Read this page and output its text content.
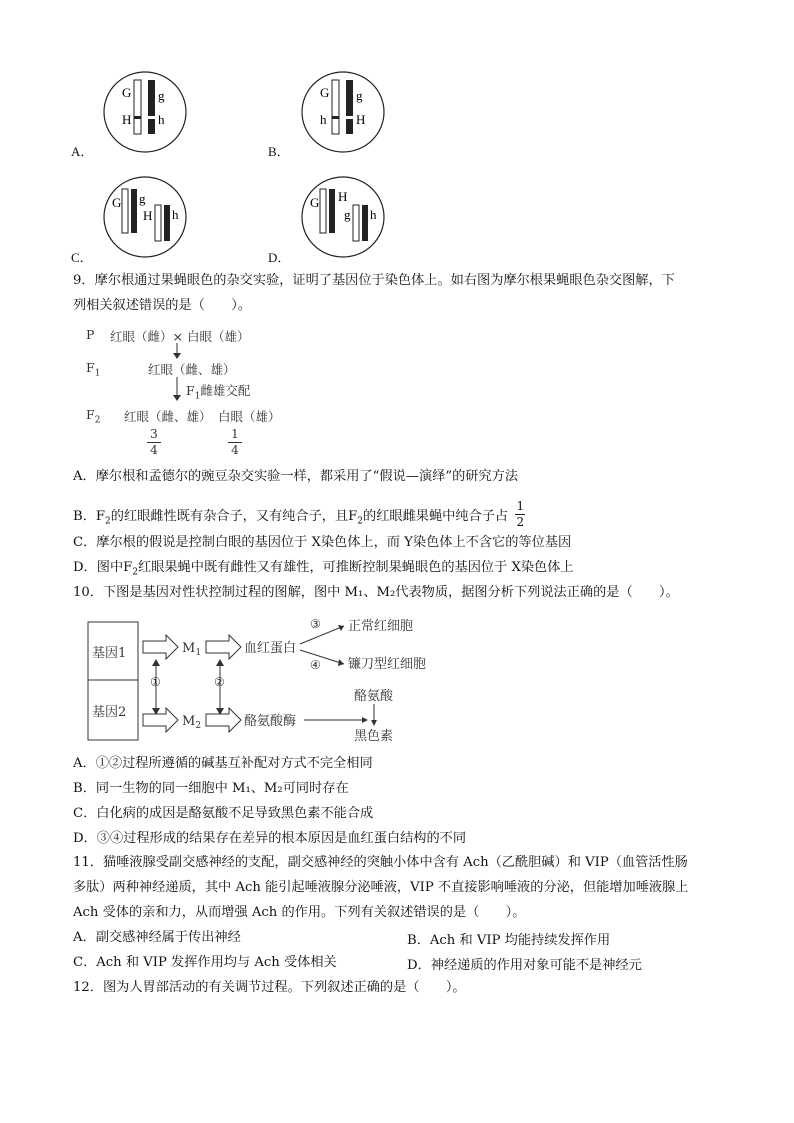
A．
G g
H h
B．
G g
h H
C．
G g
H h
D．
G H
g h
9．摩尔根通过果蝇眼色的杂交实验，证明了基因位于染色体上。如右图为摩尔根果蝇眼色杂交图解，下
列相关叙述错误的是（　　）。
P 红眼（雌）× 白眼（雄）
$F_1$	红眼（雌、雄）
$F_1$雌雄交配
$F_2$ 红眼（雌、雄） 白眼（雄）
3
4
1
4
A．摩尔根和孟德尔的豌豆杂交实验一样，都采用了“假说—演绎”的研究方法
B．$F_2$的红眼雌性既有杂合子，又有纯合子，且$F_2$的红眼雌果蝇中纯合子占 $\frac{1}{2}$
C．摩尔根的假说是控制白眼的基因位于 X染色体上，而 Y染色体上不含它的等位基因
D．图中$F_2$红眼果蝇中既有雌性又有雄性，可推断控制果蝇眼色的基因位于 X染色体上
10．下图是基因对性状控制过程的图解，图中 M₁、M₂代表物质，据图分析下列说法正确的是（　　）。
基因1
基因2
$M_1$	血红蛋白
③
④
正常红细胞
镰刀型红细胞
①	②
$M_2$	酪氨酸酶
酪氨酸
黑色素
A．①②过程所遵循的碱基互补配对方式不完全相同
B．同一生物的同一细胞中 M₁、M₂可同时存在
C．白化病的成因是酪氨酸不足导致黑色素不能合成
D．③④过程形成的结果存在差异的根本原因是血红蛋白结构的不同
11．猫唾液腺受副交感神经的支配，副交感神经的突触小体中含有 Ach（乙酰胆碱）和 VIP（血管活性肠
多肽）两种神经递质，其中 Ach 能引起唾液腺分泌唾液，VIP 不直接影响唾液的分泌，但能增加唾液腺上
Ach 受体的亲和力，从而增强 Ach 的作用。下列有关叙述错误的是（　　）。
A．副交感神经属于传出神经	B．Ach 和 VIP 均能持续发挥作用
C．Ach 和 VIP 发挥作用均与 Ach 受体相关	D．神经递质的作用对象可能不是神经元
12．图为人胃部活动的有关调节过程。下列叙述正确的是（　　）。
